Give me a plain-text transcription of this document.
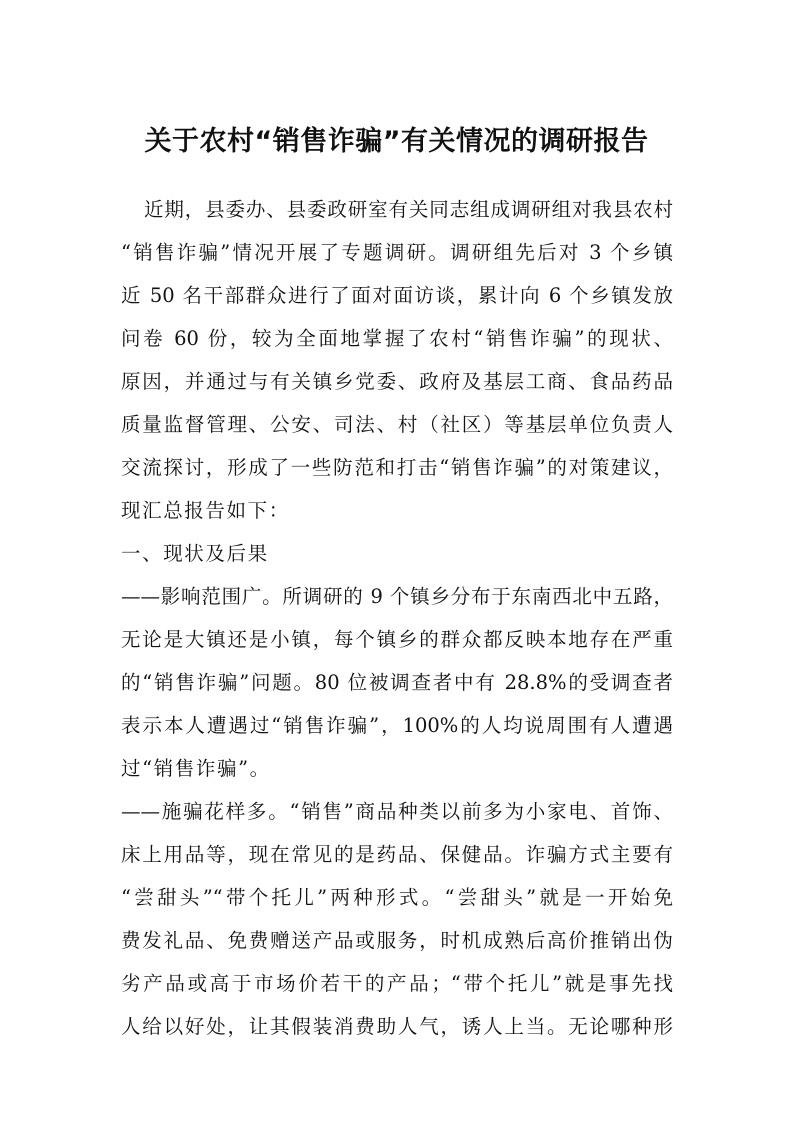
关于农村“销售诈骗”有关情况的调研报告

近期，县委办、县委政研室有关同志组成调研组对我县农村

“销售诈骗”情况开展了专题调研。调研组先后对 3 个乡镇

近 50 名干部群众进行了面对面访谈，累计向 6 个乡镇发放

问卷 60 份，较为全面地掌握了农村“销售诈骗”的现状、

原因，并通过与有关镇乡党委、政府及基层工商、食品药品

质量监督管理、公安、司法、村（社区）等基层单位负责人

交流探讨，形成了一些防范和打击“销售诈骗”的对策建议，

现汇总报告如下：

一、现状及后果

——影响范围广。所调研的 9 个镇乡分布于东南西北中五路，

无论是大镇还是小镇，每个镇乡的群众都反映本地存在严重

的“销售诈骗”问题。80 位被调查者中有 28.8%的受调查者

表示本人遭遇过“销售诈骗”，100%的人均说周围有人遭遇

过“销售诈骗”。

——施骗花样多。“销售”商品种类以前多为小家电、首饰、

床上用品等，现在常见的是药品、保健品。诈骗方式主要有

“尝甜头”“带个托儿”两种形式。“尝甜头”就是一开始免

费发礼品、免费赠送产品或服务，时机成熟后高价推销出伪

劣产品或高于市场价若干的产品；“带个托儿”就是事先找

人给以好处，让其假装消费助人气，诱人上当。无论哪种形
